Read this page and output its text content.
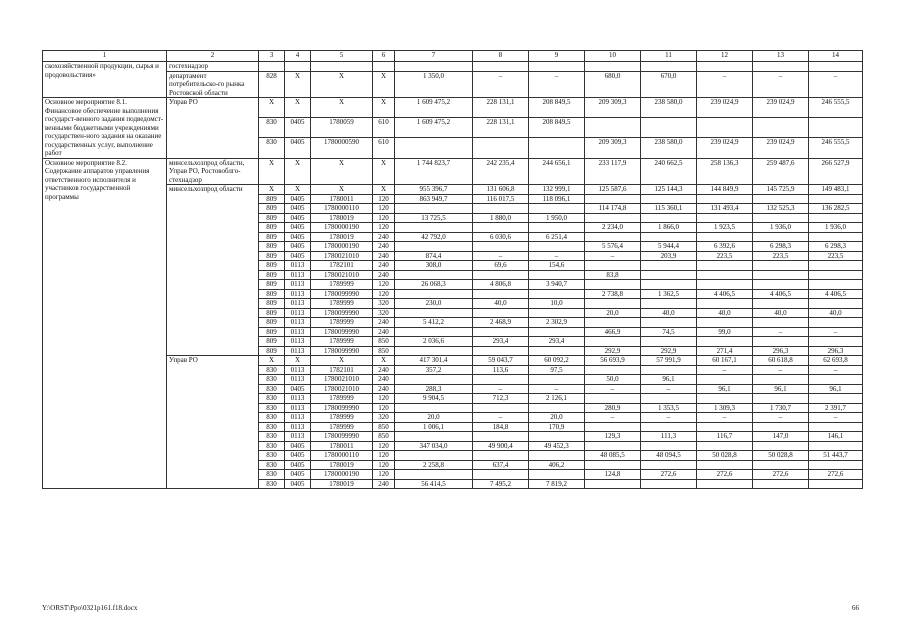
1	2	3	4	5	6	7	8	9	10	11	12	13	14
скохозяйственной продукции, сырья и продовольствия»	госгехнадзор												
	департамент потребительско-го рынка Ростовской области	828	X	X	X	1 350,0	–	–	680,0	670,0	–	–	–
Основное мероприятие 8.1. Финансовое обеспечение выполнения государст-венного задания подведомст-венными бюджетными учреждениями государствен-ного задания на оказание государственных услуг, выполнение работ	Управ РО	X	X	X	X	1 609 475,2	228 131,1	208 849,5	209 309,3	238 580,0	239 024,9	239 024,9	246 555,5
		830	0405	1780059	610	1 609 475,2	228 131,1	208 849,5					
		830	0405	1780000590	610				209 309,3	238 580,0	239 024,9	239 024,9	246 555,5
Основное мероприятие 8.2. Содержание аппаратов управления ответственного исполнителя и участников государственной программы	минсельхозпрод области, Управ РО, Ростовоблго-стехнадзор	X	X	X	X	1 744 823,7	242 235,4	244 656,1	233 117,9	240 662,5	258 136,3	259 487,6	266 527,9
	минсельхозпрод области	X	X	X	X	955 396,7	131 606,8	132 999,1	125 587,6	125 144,3	144 849,9	145 725,9	149 483,1
		809	0405	1780011	120	863 949,7	116 017,5	118 096,1					
		809	0405	1780000110	120				114 174,8	115 360,1	131 493,4	132 525,3	136 282,5
		809	0405	1780019	120	13 725,5	1 880,0	1 950,0					
		809	0405	1780000190	120				2 234,0	1 866,0	1 923,5	1 936,0	1 936,0
		809	0405	1780019	240	42 792,0	6 030,6	6 251,4					
		809	0405	1780000190	240				5 576,4	5 944,4	6 392,6	6 298,3	6 298,3
		809	0405	1780021010	240	874,4	–	–	–	203,9	223,5	223,5	223,5
		809	0113	1782101	240	308,0	69,6	154,6					
		809	0113	1780021010	240				83,8				
		809	0113	1789999	120	26 068,3	4 806,8	3 940,7					
		809	0113	1780099990	120				2 738,8	1 362,5	4 406,5	4 406,5	4 406,5
		809	0113	1789999	320	230,0	40,0	10,0					
		809	0113	1780099990	320				20,0	40,0	40,0	40,0	40,0
		809	0113	1789999	240	5 412,2	2 468,9	2 302,9					
		809	0113	1780099990	240				466,9	74,5	99,0	–	–
		809	0113	1789999	850	2 036,6	293,4	293,4					
		809	0113	1780099990	850				292,9	292,9	271,4	296,3	296,3
	Управ РО	X	X	X	X	417 301,4	59 043,7	60 092,2	56 693,9	57 991,9	60 167,1	60 618,8	62 693,8
		830	0113	1782101	240	357,2	113,6	97,5			–	–	–
		830	0113	1780021010	240				50,0	96,1			
		830	0405	1780021010	240	288,3	–	–	–	–	96,1	96,1	96,1
		830	0113	1789999	120	9 904,5	712,3	2 126,1					
		830	0113	1780099990	120				280,9	1 353,5	1 309,3	1 730,7	2 391,7
		830	0113	1789999	320	20,0	–	20,0	–	–	–	–	–
		830	0113	1789999	850	1 006,1	184,8	170,9					
		830	0113	1780099990	850				129,3	111,3	116,7	147,0	146,1
		830	0405	1780011	120	347 034,0	49 900,4	49 452,3					
		830	0405	1780000110	120				48 085,5	48 094,5	50 028,8	50 028,8	51 443,7
		830	0405	1780019	120	2 258,8	637,4	406,2					
		830	0405	1780000190	120				124,8	272,6	272,6	272,6	272,6
		830	0405	1780019	240	56 414,5	7 495,2	7 819,2					
Y:\ORST\Ppo\0321p161.f18.docx	66
